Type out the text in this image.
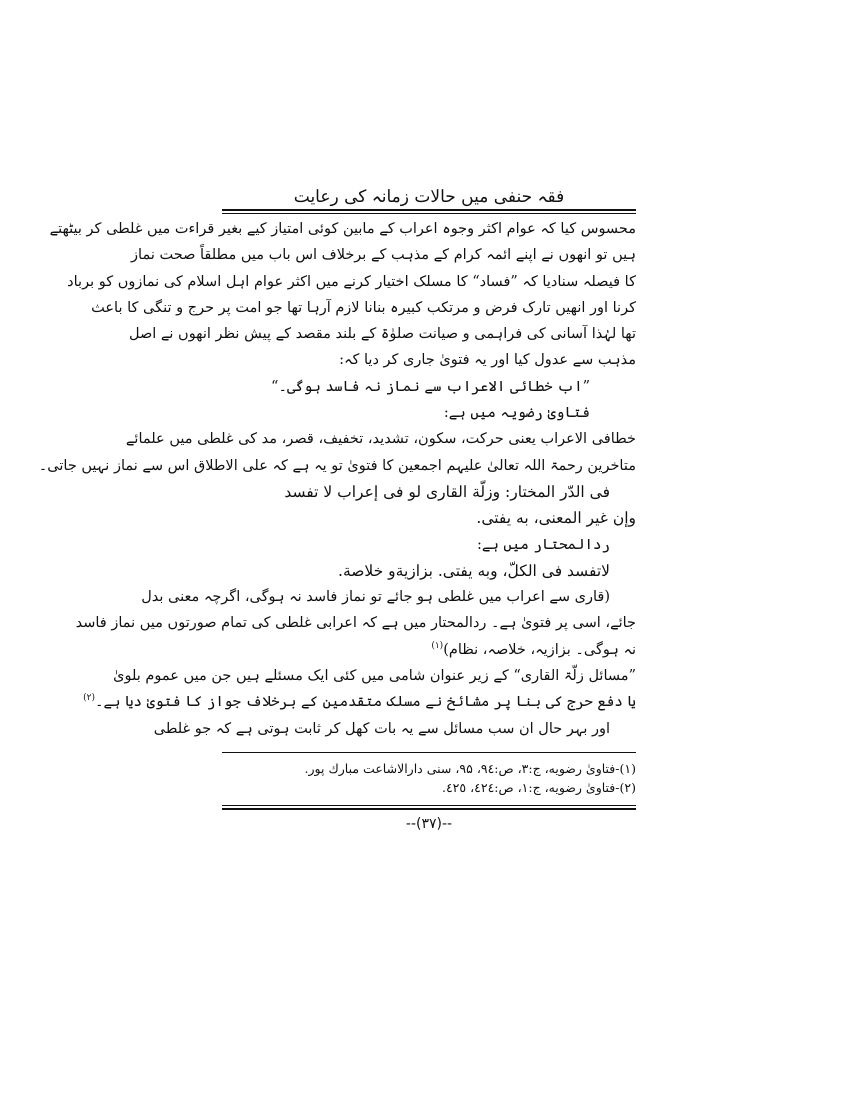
فقہ حنفی میں حالات زمانہ کی رعایت
محسوس کیا کہ عوام اکثر وجوہ اعراب کے مابین کوئی امتیاز کیے بغیر قراءت میں غلطی کر بیٹھتے
ہیں تو انھوں نے اپنے ائمہ کرام کے مذہب کے برخلاف اس باب میں مطلقاً صحت نماز
کا فیصلہ سنادیا کہ ”فساد“ کا مسلک اختیار کرنے میں اکثر عوام اہل اسلام کی نمازوں کو برباد
کرنا اور انھیں تارک فرض و مرتکب کبیرہ بنانا لازم آرہا تھا جو امت پر حرج و تنگی کا باعث
تھا لہٰذا آسانی کی فراہمی و صیانت صلوٰۃ کے بلند مقصد کے پیش نظر انھوں نے اصل
مذہب سے عدول کیا اور یہ فتویٰ جاری کر دیا کہ:
”اب خطائی الاعراب سے نماز نہ فاسد ہوگی۔“
فتاویٰ رضویہ میں ہے:
خطافی الاعراب یعنی حرکت، سکون، تشدید، تخفیف، قصر، مد کی غلطی میں علمائے
متاخرین رحمۃ اللہ تعالیٰ علیہم اجمعین کا فتویٰ تو یہ ہے کہ علی الاطلاق اس سے نماز نہیں جاتی۔
فی الدّر المختار: وزلّة القاری لو فی إعراب لا تفسد
وإن غیر المعنی، به یفتی.
ردالمحتار میں ہے:
لاتفسد فی الکلّ، وبه یفتی. بزازیةو خلاصة.
(قاری سے اعراب میں غلطی ہو جائے تو نماز فاسد نہ ہوگی، اگرچہ معنی بدل
جائے، اسی پر فتویٰ ہے۔ ردالمحتار میں ہے کہ اعرابی غلطی کی تمام صورتوں میں نماز فاسد
نہ ہوگی۔ بزازیہ، خلاصہ، نظام)$^{(۱)}$
”مسائل زلّۃ القاری“ کے زیر عنوان شامی میں کئی ایک مسئلے ہیں جن میں عموم بلویٰ
یا دفع حرج کی بنا پر مشائخ نے مسلک متقدمین کے برخلاف جواز کا فتویٰ دیا ہے۔$^{(۲)}$
اور بہر حال ان سب مسائل سے یہ بات کھل کر ثابت ہوتی ہے کہ جو غلطی
(۱)-فتاویٰ رضویه، ج:۳، ص:۹٤، ۹۵، سنی دارالاشاعت مبارك پور.
(۲)-فتاویٰ رضویه، ج:۱، ص:٤٢٤، ٤٢٥.
--(۳۷)--
